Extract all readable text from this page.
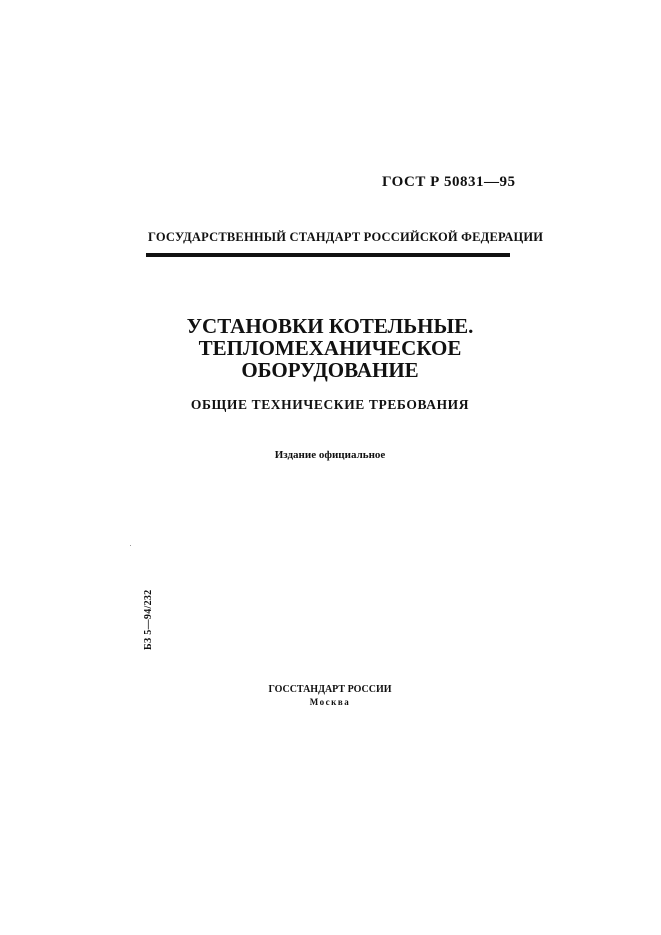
ГОСТ Р 50831—95
ГОСУДАРСТВЕННЫЙ СТАНДАРТ РОССИЙСКОЙ ФЕДЕРАЦИИ
УСТАНОВКИ КОТЕЛЬНЫЕ.
ТЕПЛОМЕХАНИЧЕСКОЕ
ОБОРУДОВАНИЕ
ОБЩИЕ ТЕХНИЧЕСКИЕ ТРЕБОВАНИЯ
Издание официальное
БЗ 5—94/232
ГОССТАНДАРТ РОССИИ
Москва
